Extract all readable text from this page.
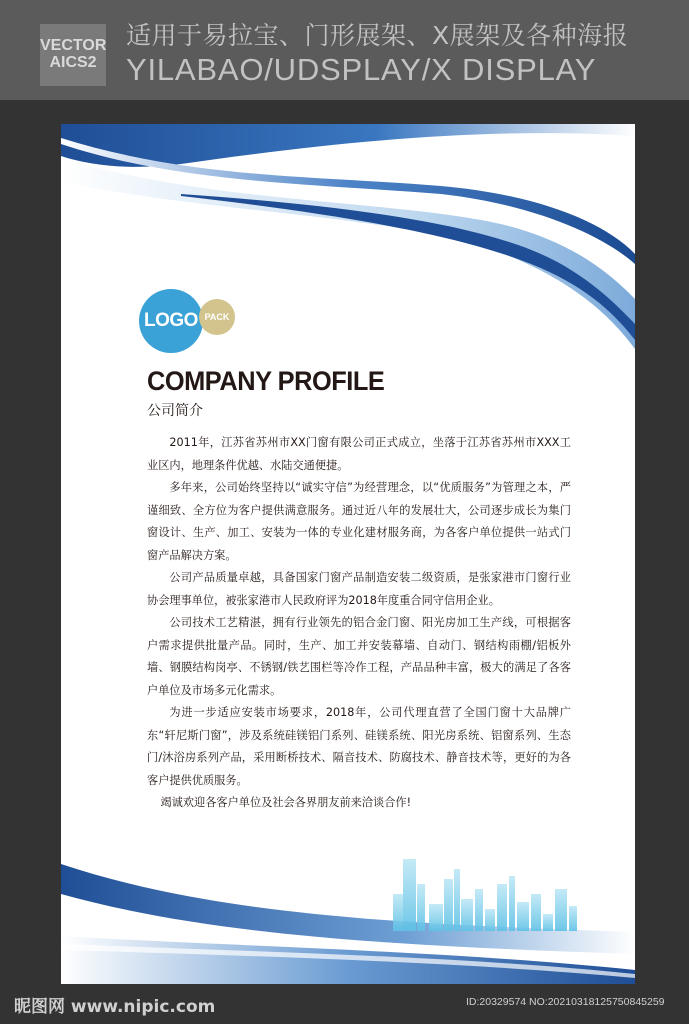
VECTOR
AICS2
适用于易拉宝、门形展架、X展架及各种海报
YILABAO/UDSPLAY/X DISPLAY
LOGO PACK
COMPANY PROFILE
公司简介

2011年，江苏省苏州市XX门窗有限公司正式成立，坐落于江苏省苏州市XXX工业区内，地理条件优越、水陆交通便捷。

多年来，公司始终坚持以“诚实守信”为经营理念，以“优质服务”为管理之本，严谨细致、全方位为客户提供满意服务。通过近八年的发展壮大，公司逐步成长为集门窗设计、生产、加工、安装为一体的专业化建材服务商，为各客户单位提供一站式门窗产品解决方案。

公司产品质量卓越，具备国家门窗产品制造安装二级资质，是张家港市门窗行业协会理事单位，被张家港市人民政府评为2018年度重合同守信用企业。

公司技术工艺精湛，拥有行业领先的铝合金门窗、阳光房加工生产线，可根据客户需求提供批量产品。同时，生产、加工并安装幕墙、自动门、钢结构雨棚/铝板外墙、钢膜结构岗亭、不锈钢/铁艺围栏等冷作工程，产品品种丰富，极大的满足了各客户单位及市场多元化需求。

为进一步适应安装市场要求，2018年，公司代理直营了全国门窗十大品牌广东“轩尼斯门窗”，涉及系统硅镁铝门系列、硅镁系统、阳光房系统、铝窗系列、生态门/沐浴房系列产品，采用断桥技术、隔音技术、防腐技术、静音技术等，更好的为各客户提供优质服务。

竭诚欢迎各客户单位及社会各界朋友前来洽谈合作!

昵图网 www.nipic.com	ID:20329574 NO:20210318125750845259
